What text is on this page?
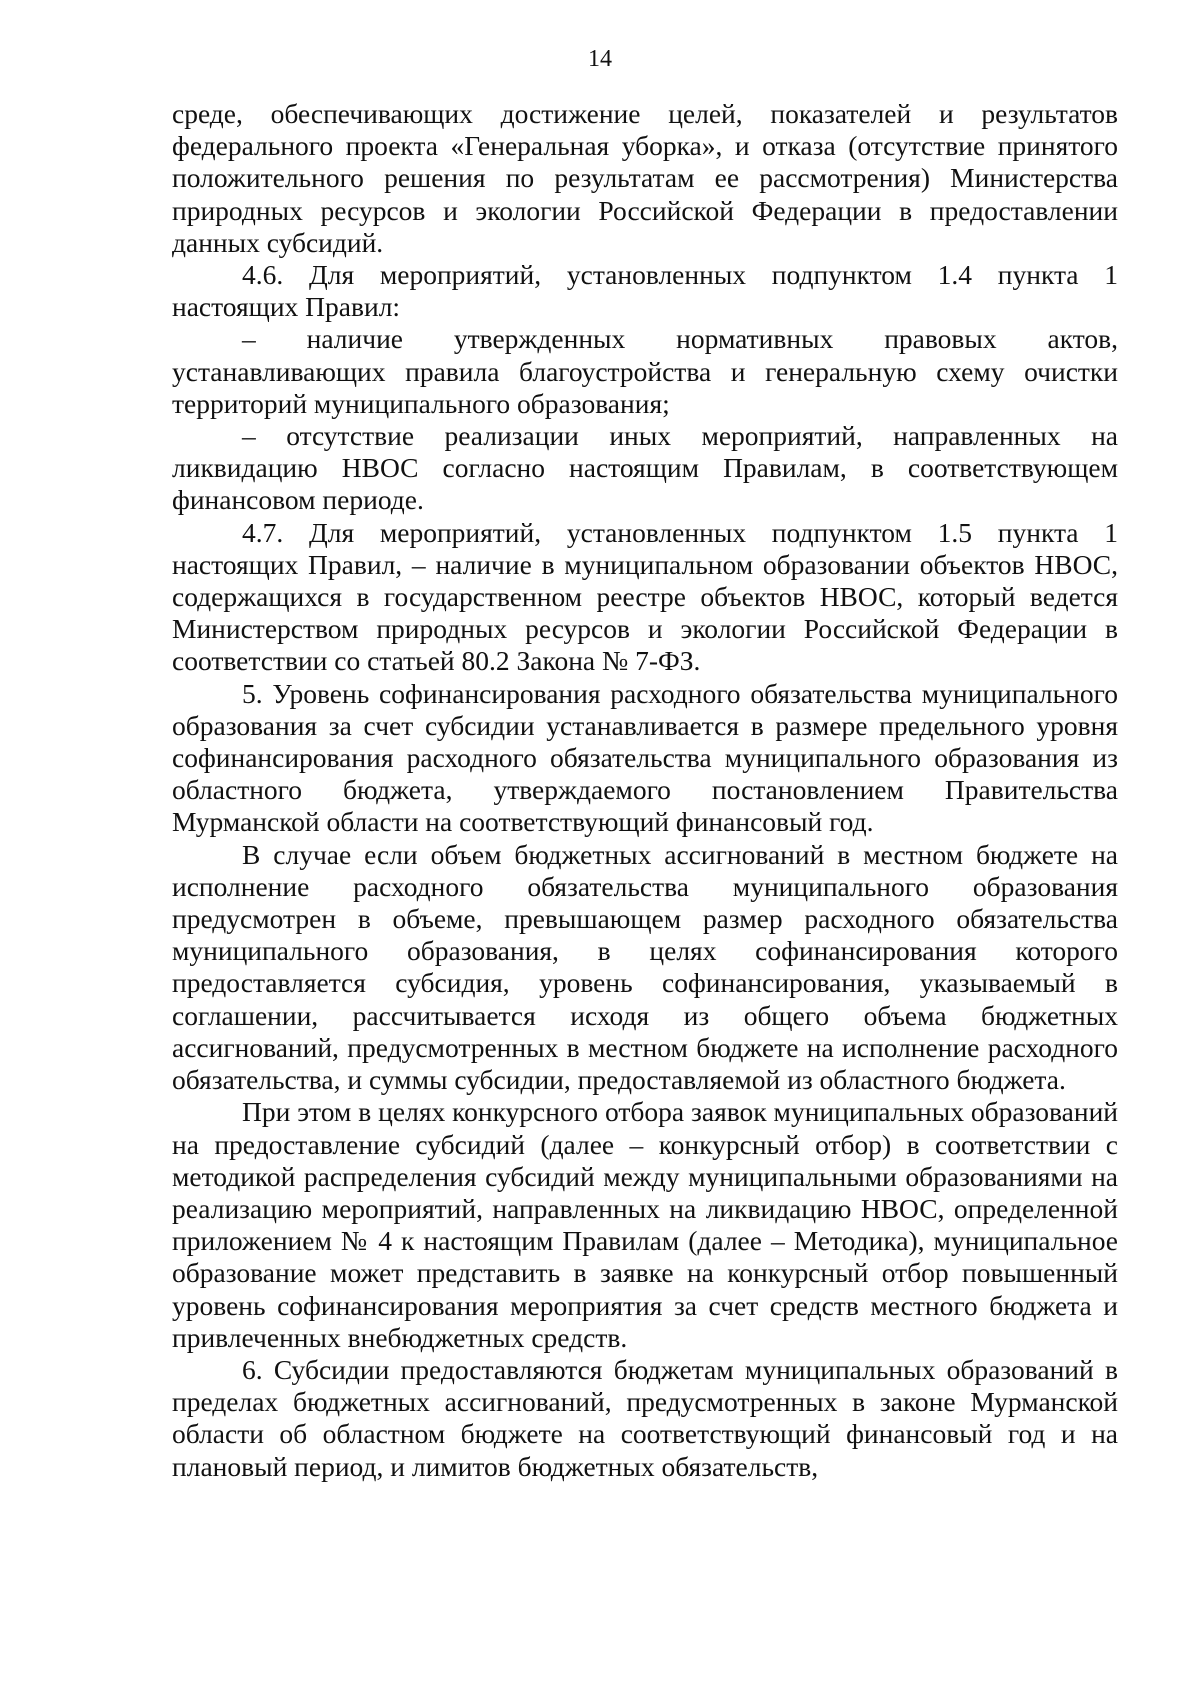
14

среде, обеспечивающих достижение целей, показателей и результатов федерального проекта «Генеральная уборка», и отказа (отсутствие принятого положительного решения по результатам ее рассмотрения) Министерства природных ресурсов и экологии Российской Федерации в предоставлении данных субсидий.

4.6. Для мероприятий, установленных подпунктом 1.4 пункта 1 настоящих Правил:

– наличие утвержденных нормативных правовых актов, устанавливающих правила благоустройства и генеральную схему очистки территорий муниципального образования;

– отсутствие реализации иных мероприятий, направленных на ликвидацию НВОС согласно настоящим Правилам, в соответствующем финансовом периоде.

4.7. Для мероприятий, установленных подпунктом 1.5 пункта 1 настоящих Правил, – наличие в муниципальном образовании объектов НВОС, содержащихся в государственном реестре объектов НВОС, который ведется Министерством природных ресурсов и экологии Российской Федерации в соответствии со статьей 80.2 Закона № 7-ФЗ.

5. Уровень софинансирования расходного обязательства муниципального образования за счет субсидии устанавливается в размере предельного уровня софинансирования расходного обязательства муниципального образования из областного бюджета, утверждаемого постановлением Правительства Мурманской области на соответствующий финансовый год.

В случае если объем бюджетных ассигнований в местном бюджете на исполнение расходного обязательства муниципального образования предусмотрен в объеме, превышающем размер расходного обязательства муниципального образования, в целях софинансирования которого предоставляется субсидия, уровень софинансирования, указываемый в соглашении, рассчитывается исходя из общего объема бюджетных ассигнований, предусмотренных в местном бюджете на исполнение расходного обязательства, и суммы субсидии, предоставляемой из областного бюджета.

При этом в целях конкурсного отбора заявок муниципальных образований на предоставление субсидий (далее – конкурсный отбор) в соответствии с методикой распределения субсидий между муниципальными образованиями на реализацию мероприятий, направленных на ликвидацию НВОС, определенной приложением № 4 к настоящим Правилам (далее – Методика), муниципальное образование может представить в заявке на конкурсный отбор повышенный уровень софинансирования мероприятия за счет средств местного бюджета и привлеченных внебюджетных средств.

6. Субсидии предоставляются бюджетам муниципальных образований в пределах бюджетных ассигнований, предусмотренных в законе Мурманской области об областном бюджете на соответствующий финансовый год и на плановый период, и лимитов бюджетных обязательств,
